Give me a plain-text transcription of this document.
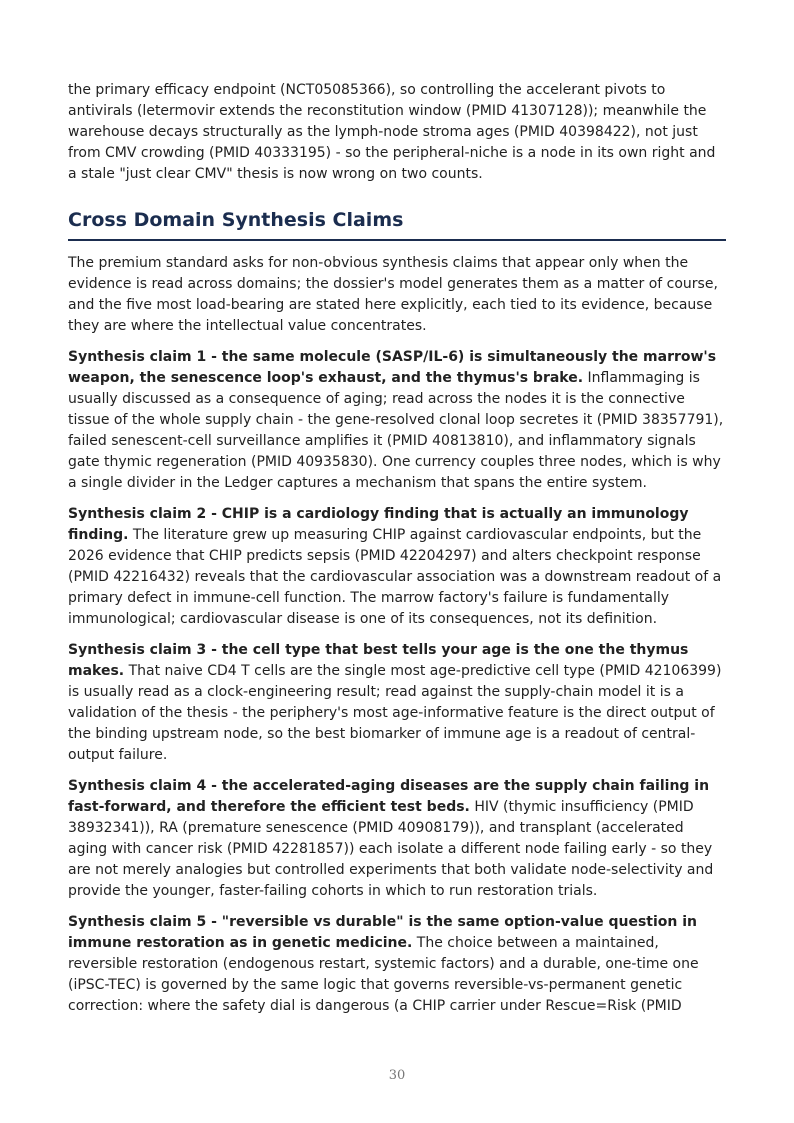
the primary efficacy endpoint (NCT05085366), so controlling the accelerant pivots to antivirals (letermovir extends the reconstitution window (PMID 41307128)); meanwhile the warehouse decays structurally as the lymph-node stroma ages (PMID 40398422), not just from CMV crowding (PMID 40333195) - so the peripheral-niche is a node in its own right and a stale "just clear CMV" thesis is now wrong on two counts.

Cross Domain Synthesis Claims

The premium standard asks for non-obvious synthesis claims that appear only when the evidence is read across domains; the dossier's model generates them as a matter of course, and the five most load-bearing are stated here explicitly, each tied to its evidence, because they are where the intellectual value concentrates.

Synthesis claim 1 - the same molecule (SASP/IL-6) is simultaneously the marrow's weapon, the senescence loop's exhaust, and the thymus's brake. Inflammaging is usually discussed as a consequence of aging; read across the nodes it is the connective tissue of the whole supply chain - the gene-resolved clonal loop secretes it (PMID 38357791), failed senescent-cell surveillance amplifies it (PMID 40813810), and inflammatory signals gate thymic regeneration (PMID 40935830). One currency couples three nodes, which is why a single divider in the Ledger captures a mechanism that spans the entire system.

Synthesis claim 2 - CHIP is a cardiology finding that is actually an immunology finding. The literature grew up measuring CHIP against cardiovascular endpoints, but the 2026 evidence that CHIP predicts sepsis (PMID 42204297) and alters checkpoint response (PMID 42216432) reveals that the cardiovascular association was a downstream readout of a primary defect in immune-cell function. The marrow factory's failure is fundamentally immunological; cardiovascular disease is one of its consequences, not its definition.

Synthesis claim 3 - the cell type that best tells your age is the one the thymus makes. That naive CD4 T cells are the single most age-predictive cell type (PMID 42106399) is usually read as a clock-engineering result; read against the supply-chain model it is a validation of the thesis - the periphery's most age-informative feature is the direct output of the binding upstream node, so the best biomarker of immune age is a readout of central-output failure.

Synthesis claim 4 - the accelerated-aging diseases are the supply chain failing in fast-forward, and therefore the efficient test beds. HIV (thymic insufficiency (PMID 38932341)), RA (premature senescence (PMID 40908179)), and transplant (accelerated aging with cancer risk (PMID 42281857)) each isolate a different node failing early - so they are not merely analogies but controlled experiments that both validate node-selectivity and provide the younger, faster-failing cohorts in which to run restoration trials.

Synthesis claim 5 - "reversible vs durable" is the same option-value question in immune restoration as in genetic medicine. The choice between a maintained, reversible restoration (endogenous restart, systemic factors) and a durable, one-time one (iPSC-TEC) is governed by the same logic that governs reversible-vs-permanent genetic correction: where the safety dial is dangerous (a CHIP carrier under Rescue=Risk (PMID

30
